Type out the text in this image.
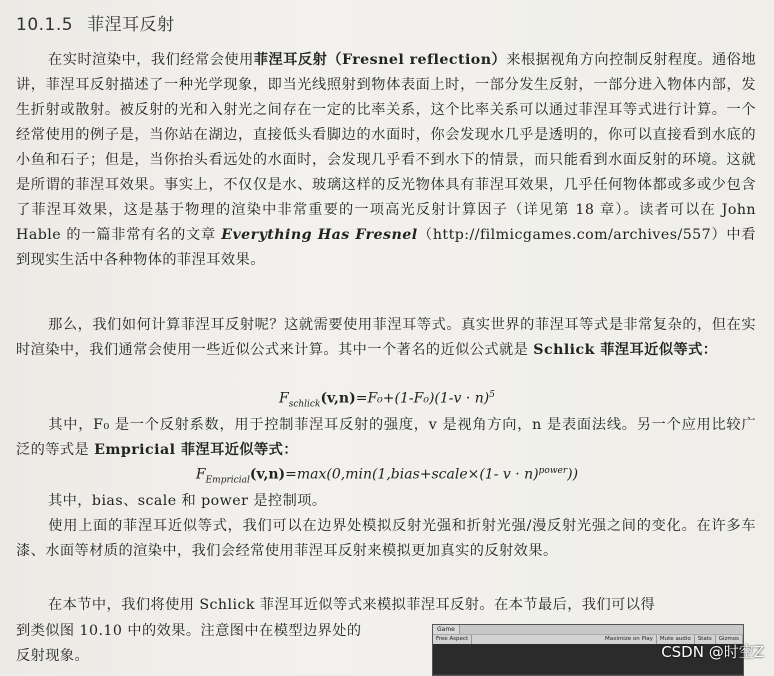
10.1.5 菲涅耳反射

在实时渲染中，我们经常会使用菲涅耳反射（Fresnel reflection）来根据视角方向控制反射程度。通俗地讲，菲涅耳反射描述了一种光学现象，即当光线照射到物体表面上时，一部分发生反射，一部分进入物体内部，发生折射或散射。被反射的光和入射光之间存在一定的比率关系，这个比率关系可以通过菲涅耳等式进行计算。一个经常使用的例子是，当你站在湖边，直接低头看脚边的水面时，你会发现水几乎是透明的，你可以直接看到水底的小鱼和石子；但是，当你抬头看远处的水面时，会发现几乎看不到水下的情景，而只能看到水面反射的环境。这就是所谓的菲涅耳效果。事实上，不仅仅是水、玻璃这样的反光物体具有菲涅耳效果，几乎任何物体都或多或少包含了菲涅耳效果，这是基于物理的渲染中非常重要的一项高光反射计算因子（详见第 18 章）。读者可以在 John Hable 的一篇非常有名的文章 Everything Has Fresnel（http://filmicgames.com/archives/557）中看到现实生活中各种物体的菲涅耳效果。

那么，我们如何计算菲涅耳反射呢？这就需要使用菲涅耳等式。真实世界的菲涅耳等式是非常复杂的，但在实时渲染中，我们通常会使用一些近似公式来计算。其中一个著名的近似公式就是 Schlick 菲涅耳近似等式：

$F_{schlick}(v,n)=F_0+(1-F_0)(1-v \cdot n)^5$

其中，F₀ 是一个反射系数，用于控制菲涅耳反射的强度，v 是视角方向，n 是表面法线。另一个应用比较广泛的等式是 Empricial 菲涅耳近似等式：

$F_{Empricial}(v,n)=\max(0,\min(1,bias+scale\times(1-$ v · n)$^{power}$))

其中，bias、scale 和 power 是控制项。

使用上面的菲涅耳近似等式，我们可以在边界处模拟反射光强和折射光强/漫反射光强之间的变化。在许多车漆、水面等材质的渲染中，我们会经常使用菲涅耳反射来模拟更加真实的反射效果。

在本节中，我们将使用 Schlick 菲涅耳近似等式来模拟菲涅耳反射。在本节最后，我们可以得

到类似图 10.10 中的效果。注意图中在模型边界处的

反射现象。

Game
Free Aspect	Maximize on Play	Mute audio	Stats	Gizmos
CSDN @时空Z
